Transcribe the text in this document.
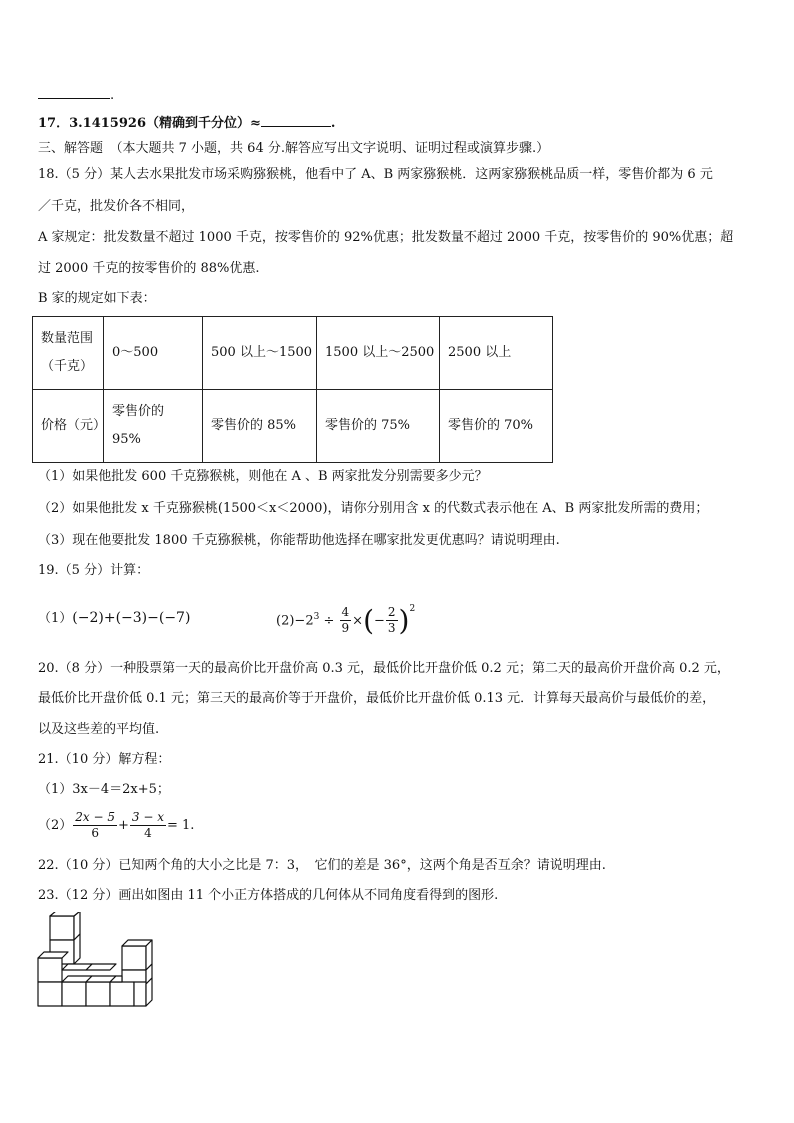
.
17．3.1415926（精确到千分位）≈	.
三、解答题　（本大题共 7 小题，共 64 分.解答应写出文字说明、证明过程或演算步骤.）
18.（5 分）某人去水果批发市场采购猕猴桃，他看中了 A、B 两家猕猴桃．这两家猕猴桃品质一样，零售价都为 6 元
／千克，批发价各不相同，
A 家规定：批发数量不超过 1000 千克，按零售价的 92%优惠；批发数量不超过 2000 千克，按零售价的 90%优惠；超
过 2000 千克的按零售价的 88%优惠.
B 家的规定如下表：
数量范围
（千克）	0～500	500 以上～1500	1500 以上～2500	2500 以上
价格（元）	零售价的
95%	零售价的 85%	零售价的 75%	零售价的 70%
（1）如果他批发 600 千克猕猴桃，则他在 A 、B 两家批发分别需要多少元？
（2）如果他批发 x 千克猕猴桃(1500＜x＜2000)，请你分别用含 x 的代数式表示他在 A、B 两家批发所需的费用；
（3）现在他要批发 1800 千克猕猴桃，你能帮助他选择在哪家批发更优惠吗？请说明理由.
19.（5 分）计算：
（1）(−2)+(−3)−(−7)	$(2)-2^3 \div \frac{4}{9}$ ×(− $\frac{2}{3} )^2$
20.（8 分）一种股票第一天的最高价比开盘价高 0.3 元，最低价比开盘价低 0.2 元；第二天的最高价开盘价高 0.2 元，
最低价比开盘价低 0.1 元；第三天的最高价等于开盘价，最低价比开盘价低 0.13 元．计算每天最高价与最低价的差，
以及这些差的平均值.
21.（10 分）解方程：
（1）3x－4＝2x+5；
$(2) \frac{2x - 5}{6} + \frac{3 - x}{4} = 1$.
22.（10 分）已知两个角的大小之比是 7：3，　它们的差是 36°，这两个角是否互余？请说明理由.
23.（12 分）画出如图由 11 个小正方体搭成的几何体从不同角度看得到的图形.
